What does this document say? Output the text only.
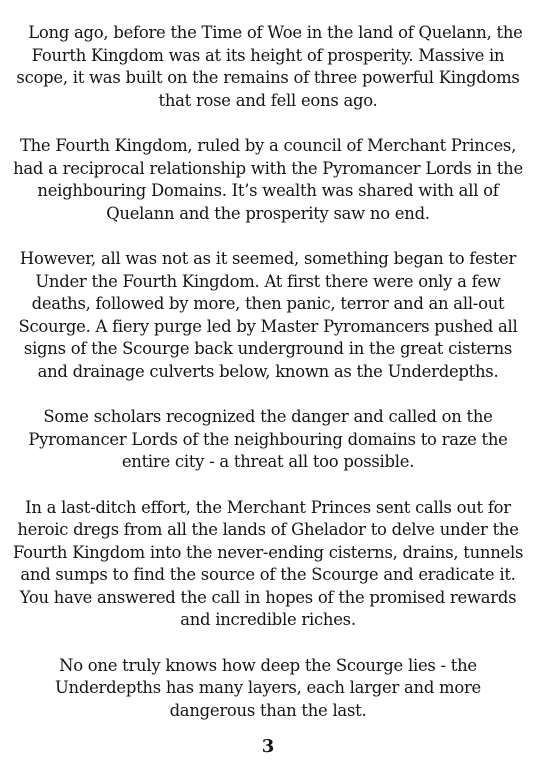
Long ago, before the Time of Woe in the land of Quelann, the Fourth Kingdom was at its height of prosperity. Massive in scope, it was built on the remains of three powerful Kingdoms that rose and fell eons ago.

The Fourth Kingdom, ruled by a council of Merchant Princes, had a reciprocal relationship with the Pyromancer Lords in the neighbouring Domains. It’s wealth was shared with all of Quelann and the prosperity saw no end.

However, all was not as it seemed, something began to fester Under the Fourth Kingdom. At first there were only a few deaths, followed by more, then panic, terror and an all-out Scourge. A fiery purge led by Master Pyromancers pushed all signs of the Scourge back underground in the great cisterns and drainage culverts below, known as the Underdepths.

Some scholars recognized the danger and called on the Pyromancer Lords of the neighbouring domains to raze the entire city - a threat all too possible.

In a last-ditch effort, the Merchant Princes sent calls out for heroic dregs from all the lands of Ghelador to delve under the Fourth Kingdom into the never-ending cisterns, drains, tunnels and sumps to find the source of the Scourge and eradicate it. You have answered the call in hopes of the promised rewards and incredible riches.

No one truly knows how deep the Scourge lies - the Underdepths has many layers, each larger and more dangerous than the last.

3
